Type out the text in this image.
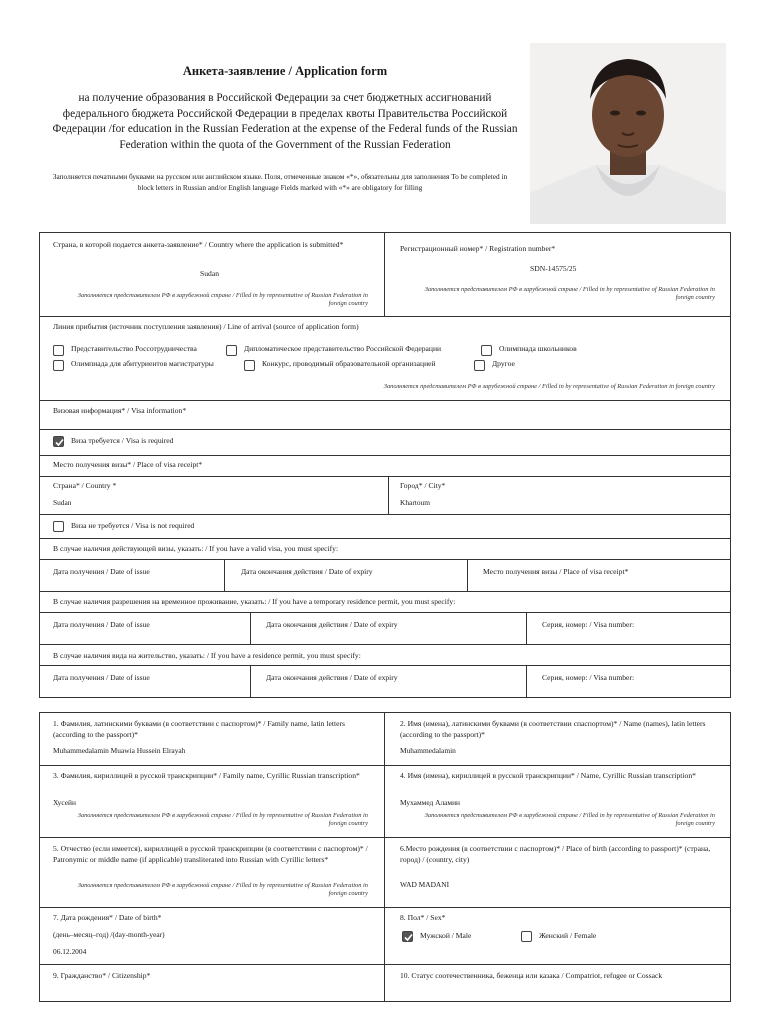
Анкета-заявление / Application form
на получение образования в Российской Федерации за счет бюджетных ассигнований федерального бюджета Российской Федерации в пределах квоты Правительства Российской Федерации /for education in the Russian Federation at the expense of the Federal funds of the Russian Federation within the quota of the Government of the Russian Federation
Заполняется печатными буквами на русском или английском языке. Поля, отмеченные знаком «*», обязательны для заполнения To be completed in block letters in Russian and/or English language Fields marked with «*» are obligatory for filling
Страна, в которой подается анкета-заявление* / Country where the application is submitted*
Sudan
Заполняется представителем РФ в зарубежной стране / Filled in by representative of Russian Federation in foreign country
Регистрационный номер* / Registration number*
SDN-14575/25
Заполняется представителем РФ в зарубежной стране / Filled in by representative of Russian Federation in foreign country
Линия прибытия (источник поступления заявления) / Line of arrival (source of application form)
Представительство Россотрудничества	Дипломатическое представительство Российской Федерации	Олимпиада школьников
Олимпиада для абитуриентов магистратуры	Конкурс, проводимый образовательной организацией	Другое
Заполняется представителем РФ в зарубежной стране / Filled in by representative of Russian Federation in foreign country
Визовая информация* / Visa information*
Виза требуется / Visa is required
Место получения визы* / Place of visa receipt*
Страна* / Country *
Sudan
Город* / City*
Khartoum
Виза не требуется / Visa is not required
В случае наличия действующей визы, указать: / If you have a valid visa, you must specify:
Дата получения / Date of issue	Дата окончания действия / Date of expiry	Место получения визы / Place of visa receipt*
В случае наличия разрешения на временное проживание, указать: / If you have a temporary residence permit, you must specify:
Дата получения / Date of issue	Дата окончания действия / Date of expiry	Серия, номер: / Visa number:
В случае наличия вида на жительство, указать: / If you have a residence permit, you must specify:
Дата получения / Date of issue	Дата окончания действия / Date of expiry	Серия, номер: / Visa number:
1. Фамилия, латинскими буквами (в соответствии с паспортом)* / Family name, latin letters (according to the passport)*
Muhammedalamin Muawia Hussein Elrayah
2. Имя (имена), латинскими буквами (в соответствии спаспортом)* / Name (names), latin letters (according to the passport)*
Muhammedalamin
3. Фамилия, кириллицей в русской транскрипции* / Family name, Cyrillic Russian transcription*
Хусейн
Заполняется представителем РФ в зарубежной стране / Filled in by representative of Russian Federation in foreign country
4. Имя (имена), кириллицей в русской транскрипции* / Name, Cyrillic Russian transcription*
Мухаммед Аламин
Заполняется представителем РФ в зарубежной стране / Filled in by representative of Russian Federation in foreign country
5. Отчество (если имеется), кириллицей в русской транскрипции (в соответствии с паспортом)* / Patronymic or middle name (if applicable) transliterated into Russian with Cyrillic letters*
Заполняется представителем РФ в зарубежной стране / Filled in by representative of Russian Federation in foreign country
6.Место рождения (в соответствии с паспортом)* / Place of birth (according to passport)* (страна, город) / (country, city)
WAD MADANI
7. Дата рождения* / Date of birth*
(день–месяц–год) /(day-month-year)
06.12.2004
8. Пол* / Sex*
Мужской / Male	Женский / Female
9. Гражданство* / Citizenship*	10. Статус соотечественника, беженца или казака / Compatriot, refugee or Cossack
